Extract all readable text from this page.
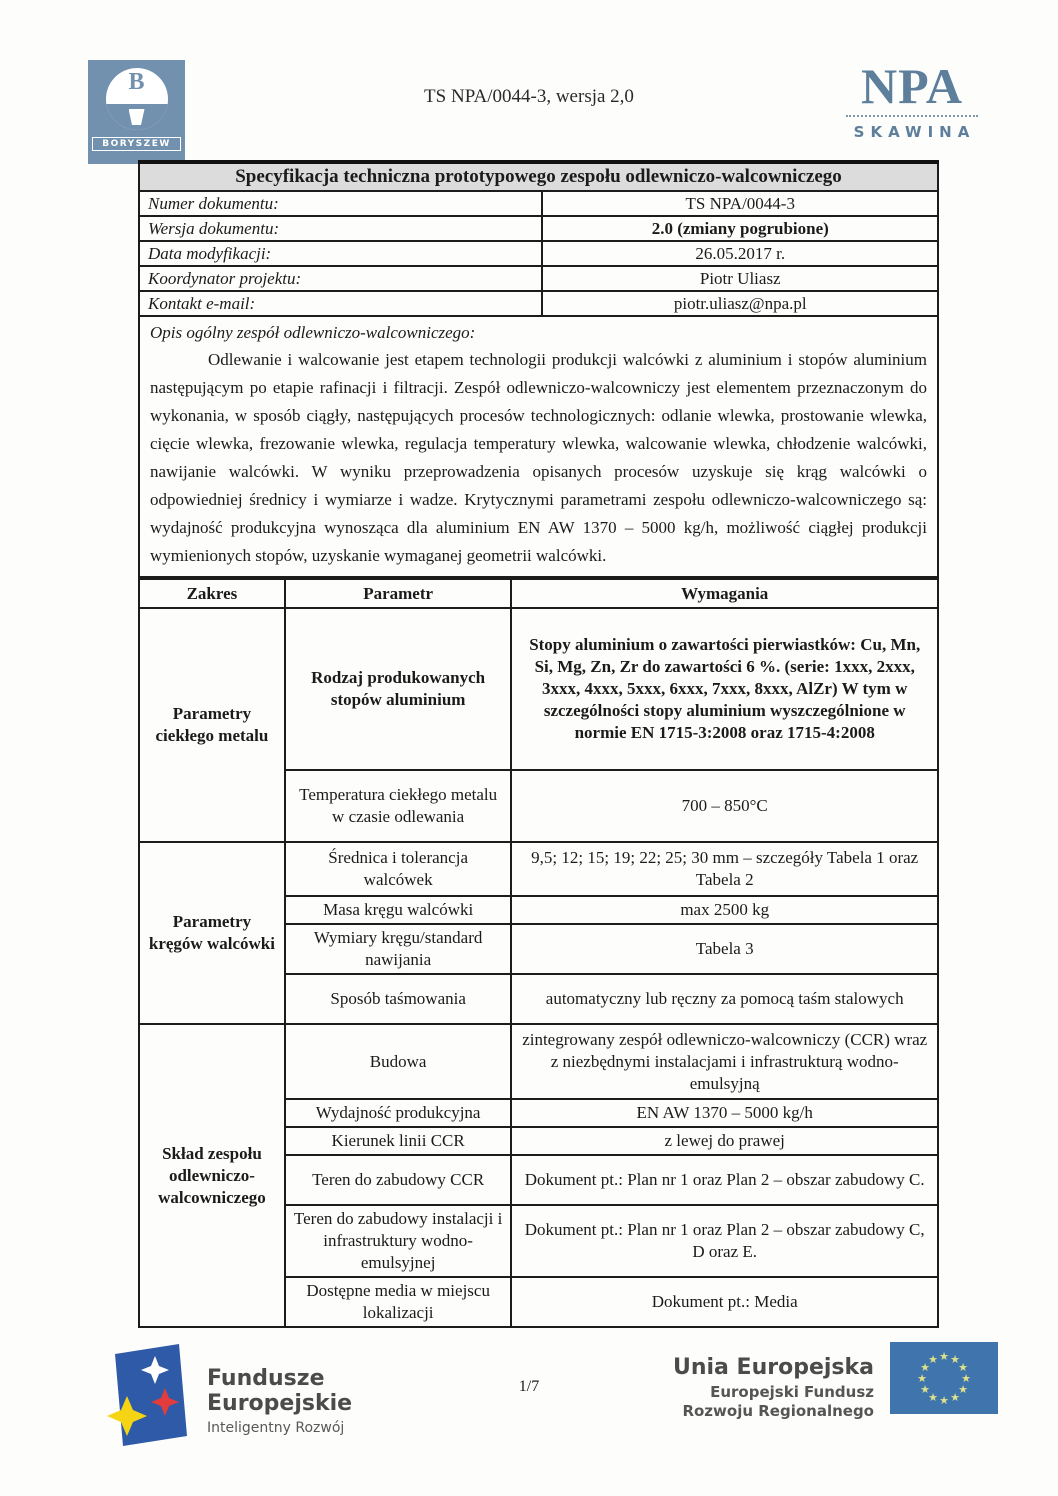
TS NPA/0044-3, wersja 2,0
B
BORYSZEW
NPA
SKAWINA
Specyfikacja techniczna prototypowego zespołu odlewniczo-walcowniczego	
Numer dokumentu:	TS NPA/0044-3
Wersja dokumentu:	2.0 (zmiany pogrubione)
Data modyfikacji:	26.05.2017 r.
Koordynator projektu:	Piotr Uliasz
Kontakt e-mail:	piotr.uliasz@npa.pl

Opis ogólny zespół odlewniczo-walcowniczego:
Odlewanie i walcowanie jest etapem technologii produkcji walcówki z aluminium i stopów aluminium następującym po etapie rafinacji i filtracji. Zespół odlewniczo-walcowniczy jest elementem przeznaczonym do wykonania, w sposób ciągły, następujących procesów technologicznych: odlanie wlewka, prostowanie wlewka, cięcie wlewka, frezowanie wlewka, regulacja temperatury wlewka, walcowanie wlewka, chłodzenie walcówki, nawijanie walcówki. W wyniku przeprowadzenia opisanych procesów uzyskuje się krąg walcówki o odpowiedniej średnicy i wymiarze i wadze. Krytycznymi parametrami zespołu odlewniczo-walcowniczego są: wydajność produkcyjna wynosząca dla aluminium EN AW 1370 – 5000 kg/h, możliwość ciągłej produkcji wymienionych stopów, uzyskanie wymaganej geometrii walcówki.	
Zakres	Parametr	Wymagania
Parametry ciekłego metalu	Rodzaj produkowanych stopów aluminium	Stopy aluminium o zawartości pierwiastków: Cu, Mn, Si, Mg, Zn, Zr do zawartości 6 %. (serie: 1xxx, 2xxx, 3xxx, 4xxx, 5xxx, 6xxx, 7xxx, 8xxx, AlZr) W tym w szczególności stopy aluminium wyszczególnione w normie EN 1715-3:2008 oraz 1715-4:2008
	Temperatura ciekłego metalu w czasie odlewania	700 – 850°C
Parametry kręgów walcówki	Średnica i tolerancja walcówek	9,5; 12; 15; 19; 22; 25; 30 mm – szczegóły Tabela 1 oraz Tabela 2
	Masa kręgu walcówki	max 2500 kg
	Wymiary kręgu/standard nawijania	Tabela 3
	Sposób taśmowania	automatyczny lub ręczny za pomocą taśm stalowych
Skład zespołu odlewniczo-walcowniczego	Budowa	zintegrowany zespół odlewniczo-walcowniczy (CCR) wraz z niezbędnymi instalacjami i infrastrukturą wodno-emulsyjną
	Wydajność produkcyjna	EN AW 1370 – 5000 kg/h
	Kierunek linii CCR	z lewej do prawej
	Teren do zabudowy CCR	Dokument pt.: Plan nr 1 oraz Plan 2 – obszar zabudowy C.
	Teren do zabudowy instalacji i infrastruktury wodno-emulsyjnej	Dokument pt.: Plan nr 1 oraz Plan 2 – obszar zabudowy C, D oraz E.
	Dostępne media w miejscu lokalizacji	Dokument pt.: Media
Fundusze
Europejskie
Inteligentny Rozwój
1/7
Unia Europejska
Europejski Fundusz
Rozwoju Regionalnego
★ ★
★
★
★
★
★
★
★
★
★
★
